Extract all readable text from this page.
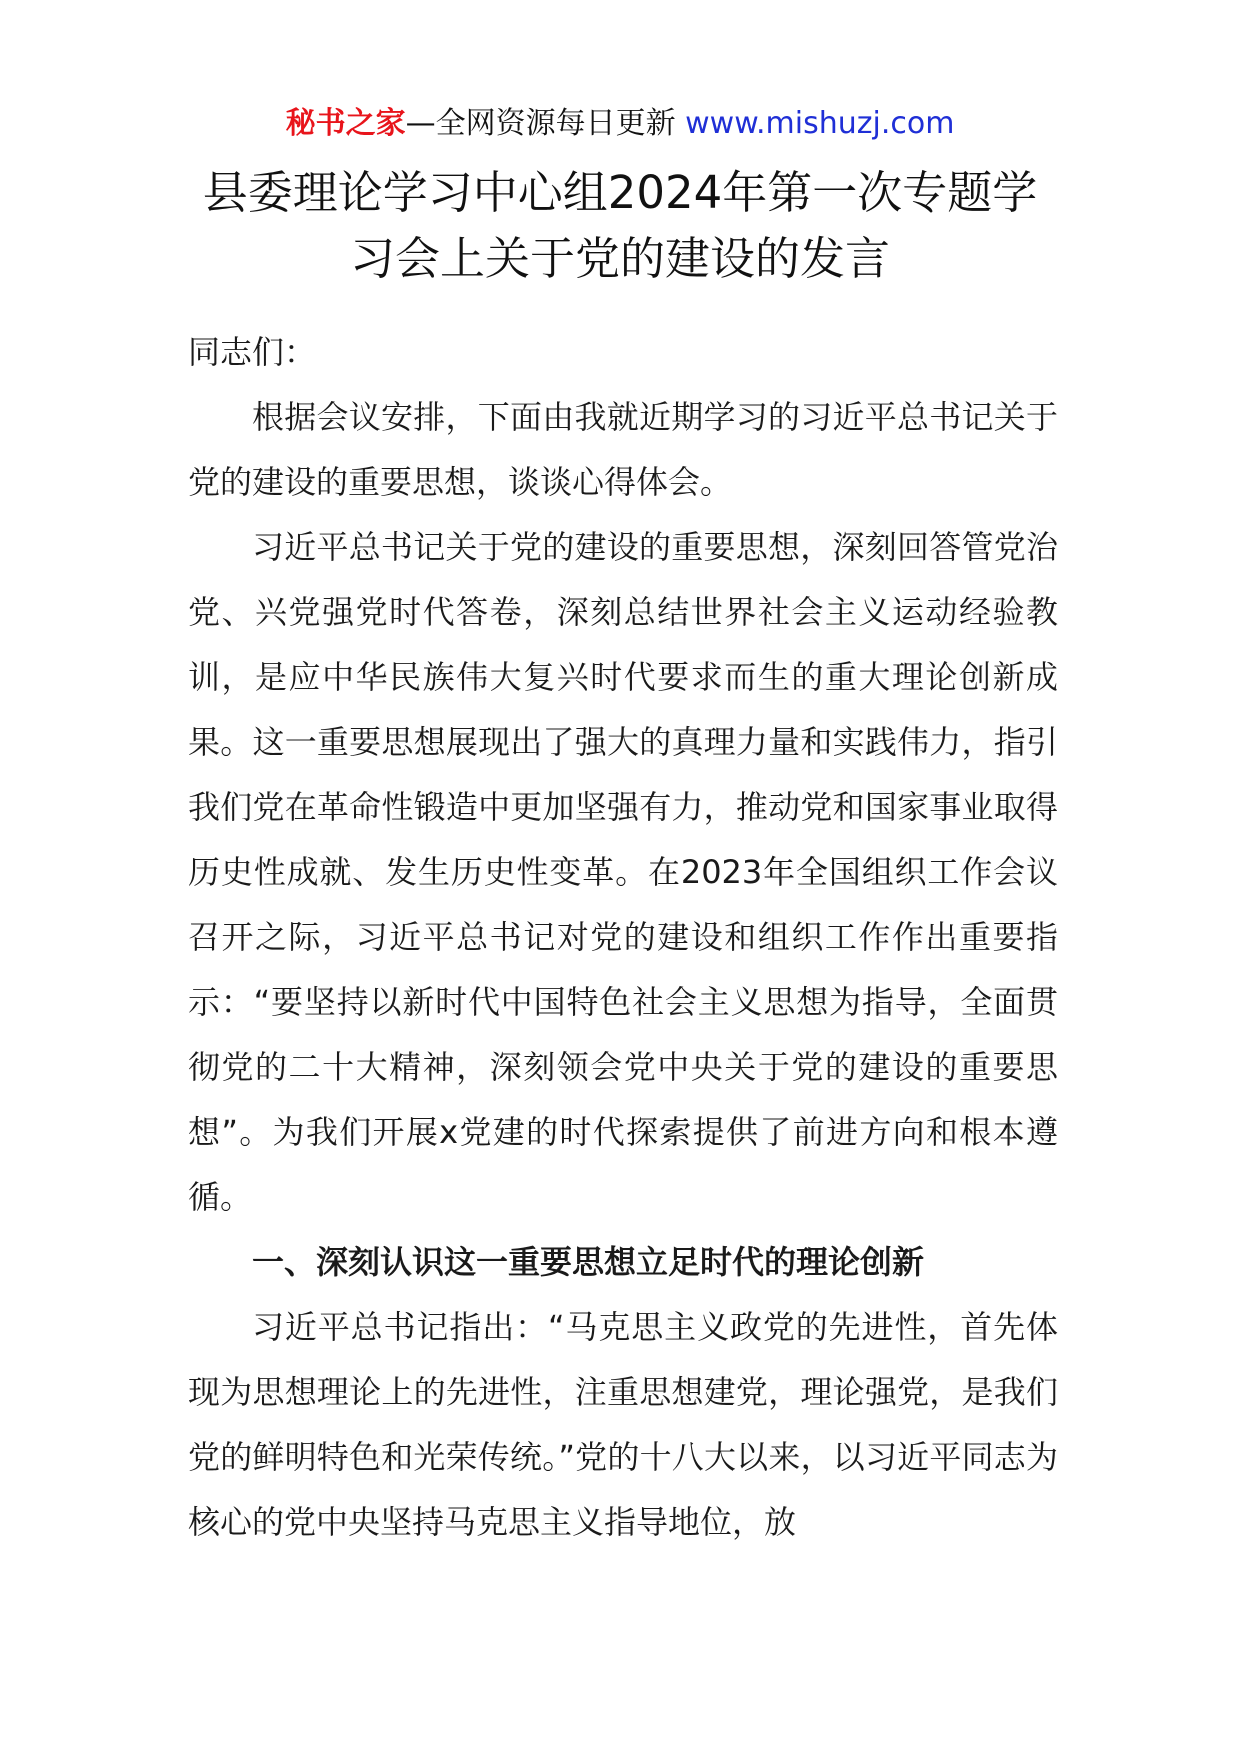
秘书之家—全网资源每日更新 www.mishuzj.com
县委理论学习中心组2024年第一次专题学
习会上关于党的建设的发言

同志们：

根据会议安排，下面由我就近期学习的习近平总书记关于党的建设的重要思想，谈谈心得体会。

习近平总书记关于党的建设的重要思想，深刻回答管党治党、兴党强党时代答卷，深刻总结世界社会主义运动经验教训，是应中华民族伟大复兴时代要求而生的重大理论创新成果。这一重要思想展现出了强大的真理力量和实践伟力，指引我们党在革命性锻造中更加坚强有力，推动党和国家事业取得历史性成就、发生历史性变革。在2023年全国组织工作会议召开之际，习近平总书记对党的建设和组织工作作出重要指示：“要坚持以新时代中国特色社会主义思想为指导，全面贯彻党的二十大精神，深刻领会党中央关于党的建设的重要思想”。为我们开展x党建的时代探索提供了前进方向和根本遵循。

一、深刻认识这一重要思想立足时代的理论创新

习近平总书记指出：“马克思主义政党的先进性，首先体现为思想理论上的先进性，注重思想建党，理论强党，是我们党的鲜明特色和光荣传统。”党的十八大以来，以习近平同志为核心的党中央坚持马克思主义指导地位，放
